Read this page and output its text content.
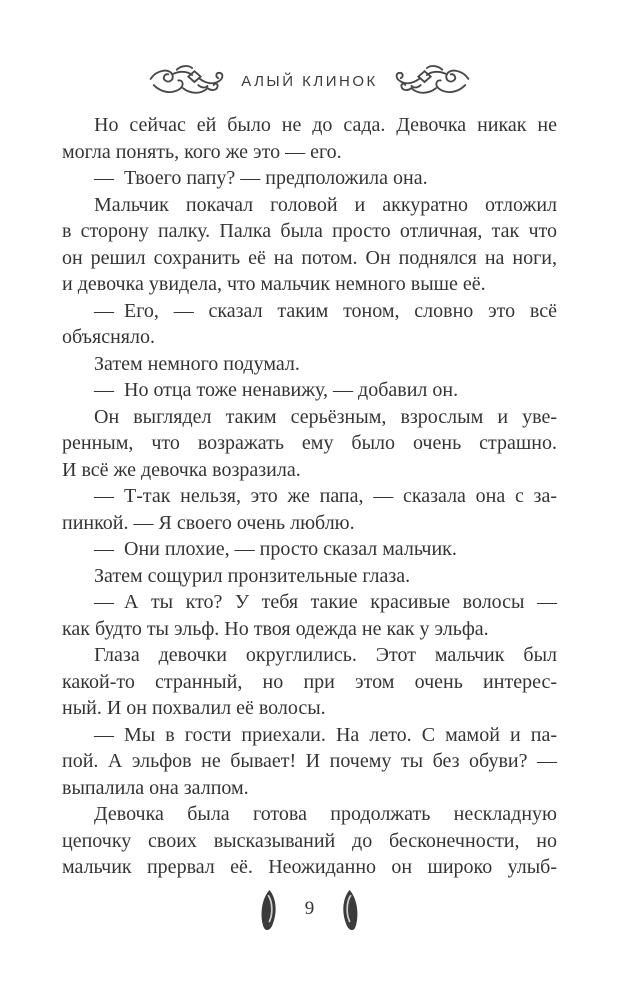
АЛЫЙ КЛИНОК
Но сейчас ей было не до сада. Девочка никак не
могла понять, кого же это — его.
— Твоего папу? — предположила она.
Мальчик покачал головой и аккуратно отложил
в сторону палку. Палка была просто отличная, так что
он решил сохранить её на потом. Он поднялся на ноги,
и девочка увидела, что мальчик немного выше её.
— Его, — сказал таким тоном, словно это всё
объясняло.
Затем немного подумал.
— Но отца тоже ненавижу, — добавил он.
Он выглядел таким серьёзным, взрослым и уве-
ренным, что возражать ему было очень страшно.
И всё же девочка возразила.
— Т-так нельзя, это же папа, — сказала она с за-
пинкой. — Я своего очень люблю.
— Они плохие, — просто сказал мальчик.
Затем сощурил пронзительные глаза.
— А ты кто? У тебя такие красивые волосы —
как будто ты эльф. Но твоя одежда не как у эльфа.
Глаза девочки округлились. Этот мальчик был
какой-то странный, но при этом очень интерес-
ный. И он похвалил её волосы.
— Мы в гости приехали. На лето. С мамой и па-
пой. А эльфов не бывает! И почему ты без обуви? —
выпалила она залпом.
Девочка была готова продолжать нескладную
цепочку своих высказываний до бесконечности, но
мальчик прервал её. Неожиданно он широко улыб-
9
